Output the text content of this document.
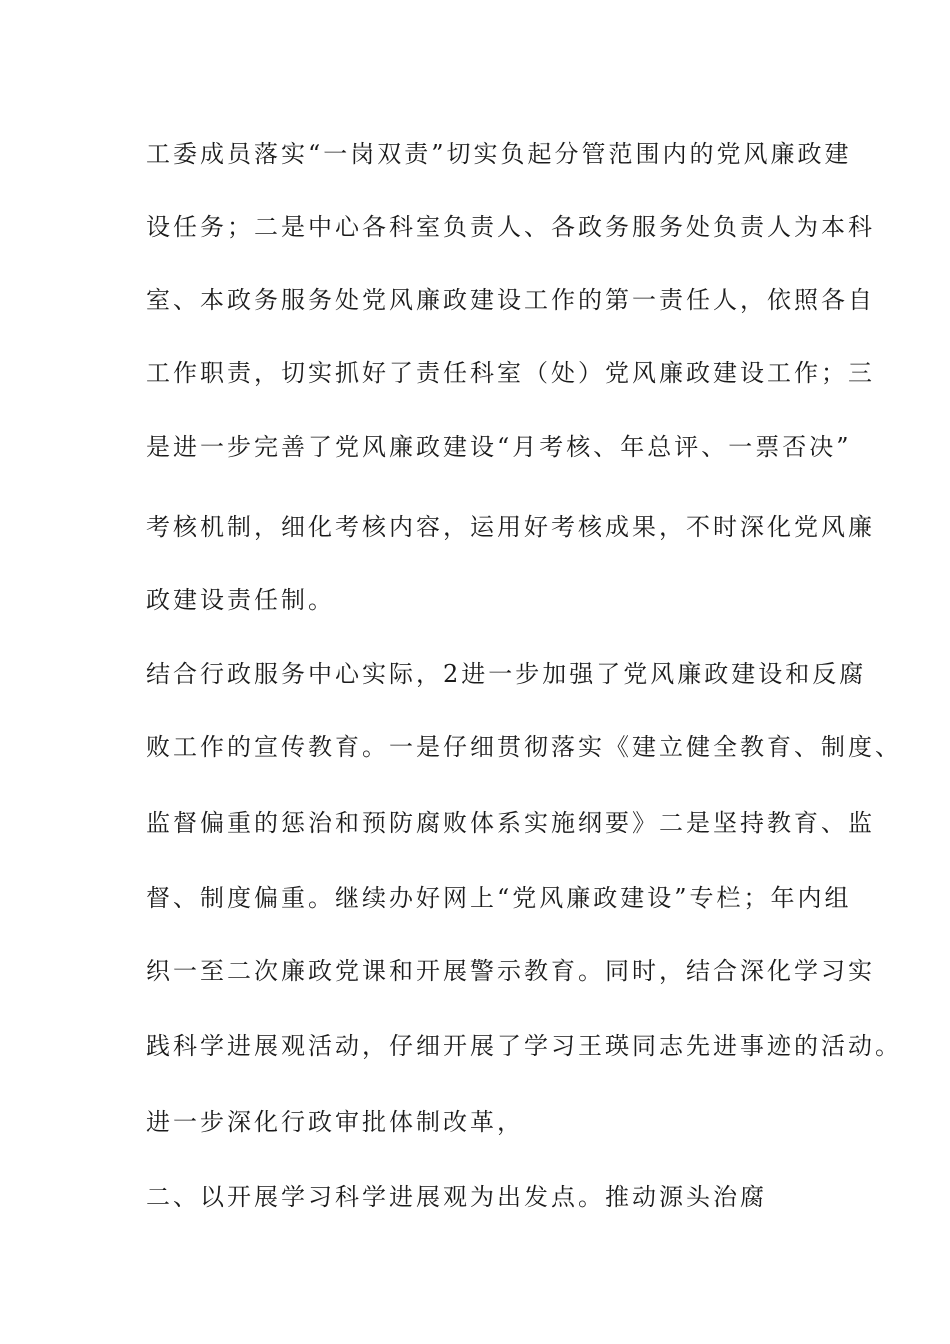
工委成员落实“一岗双责”切实负起分管范围内的党风廉政建
设任务；二是中心各科室负责人、各政务服务处负责人为本科
室、本政务服务处党风廉政建设工作的第一责任人，依照各自
工作职责，切实抓好了责任科室（处）党风廉政建设工作；三
是进一步完善了党风廉政建设“月考核、年总评、一票否决”
考核机制，细化考核内容，运用好考核成果，不时深化党风廉
政建设责任制。
结合行政服务中心实际，2进一步加强了党风廉政建设和反腐
败工作的宣传教育。一是仔细贯彻落实《建立健全教育、制度、
监督偏重的惩治和预防腐败体系实施纲要》二是坚持教育、监
督、制度偏重。继续办好网上“党风廉政建设”专栏；年内组
织一至二次廉政党课和开展警示教育。同时，结合深化学习实
践科学进展观活动，仔细开展了学习王瑛同志先进事迹的活动。
进一步深化行政审批体制改革，
二、以开展学习科学进展观为出发点。推动源头治腐
